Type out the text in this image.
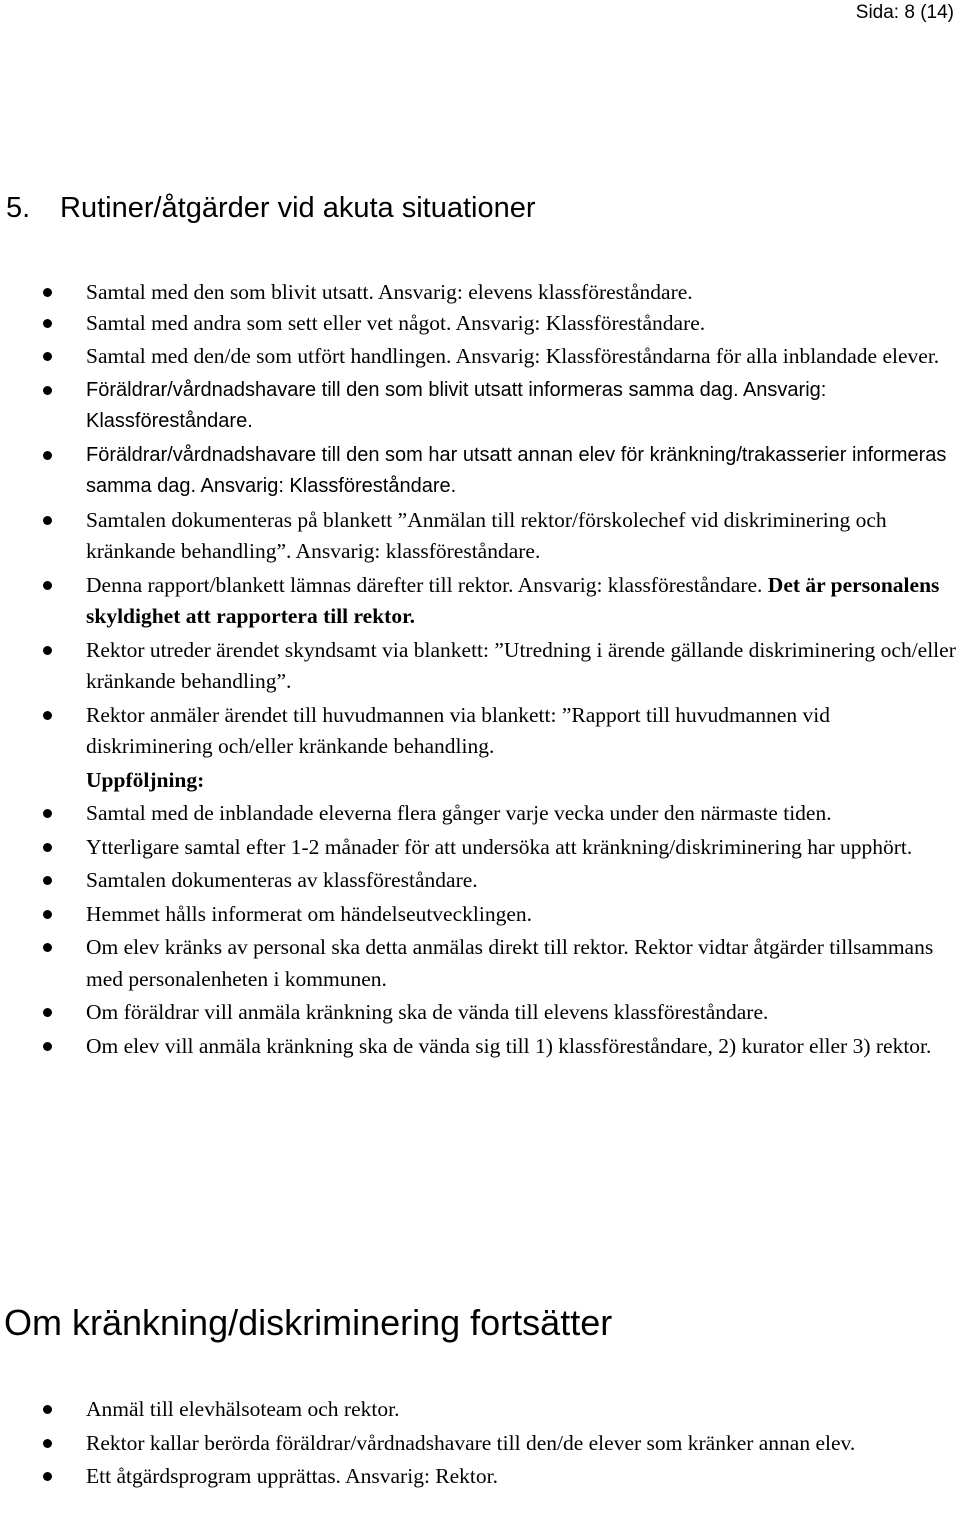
Sida: 8 (14)
5. Rutiner/åtgärder vid akuta situationer
Samtal med den som blivit utsatt. Ansvarig: elevens klassföreståndare.
Samtal med andra som sett eller vet något. Ansvarig: Klassföreståndare.
Samtal med den/de som utfört handlingen. Ansvarig: Klassföreståndarna för alla inblandade elever.
Föräldrar/vårdnadshavare till den som blivit utsatt informeras samma dag. Ansvarig: Klassföreståndare.
Föräldrar/vårdnadshavare till den som har utsatt annan elev för kränkning/trakasserier informeras samma dag. Ansvarig: Klassföreståndare.
Samtalen dokumenteras på blankett ”Anmälan till rektor/förskolechef vid diskriminering och kränkande behandling”. Ansvarig: klassföreståndare.
Denna rapport/blankett lämnas därefter till rektor. Ansvarig: klassföreståndare. Det är personalens skyldighet att rapportera till rektor.
Rektor utreder ärendet skyndsamt via blankett: ”Utredning i ärende gällande diskriminering och/eller kränkande behandling”.
Rektor anmäler ärendet till huvudmannen via blankett: ”Rapport till huvudmannen vid diskriminering och/eller kränkande behandling.
Uppföljning:
Samtal med de inblandade eleverna flera gånger varje vecka under den närmaste tiden.
Ytterligare samtal efter 1-2 månader för att undersöka att kränkning/diskriminering har upphört.
Samtalen dokumenteras av klassföreståndare.
Hemmet hålls informerat om händelseutvecklingen.
Om elev kränks av personal ska detta anmälas direkt till rektor. Rektor vidtar åtgärder tillsammans med personalenheten i kommunen.
Om föräldrar vill anmäla kränkning ska de vända till elevens klassföreståndare.
Om elev vill anmäla kränkning ska de vända sig till 1) klassföreståndare, 2) kurator eller 3) rektor.
Om kränkning/diskriminering fortsätter
Anmäl till elevhälsoteam och rektor.
Rektor kallar berörda föräldrar/vårdnadshavare till den/de elever som kränker annan elev.
Ett åtgärdsprogram upprättas. Ansvarig: Rektor.
